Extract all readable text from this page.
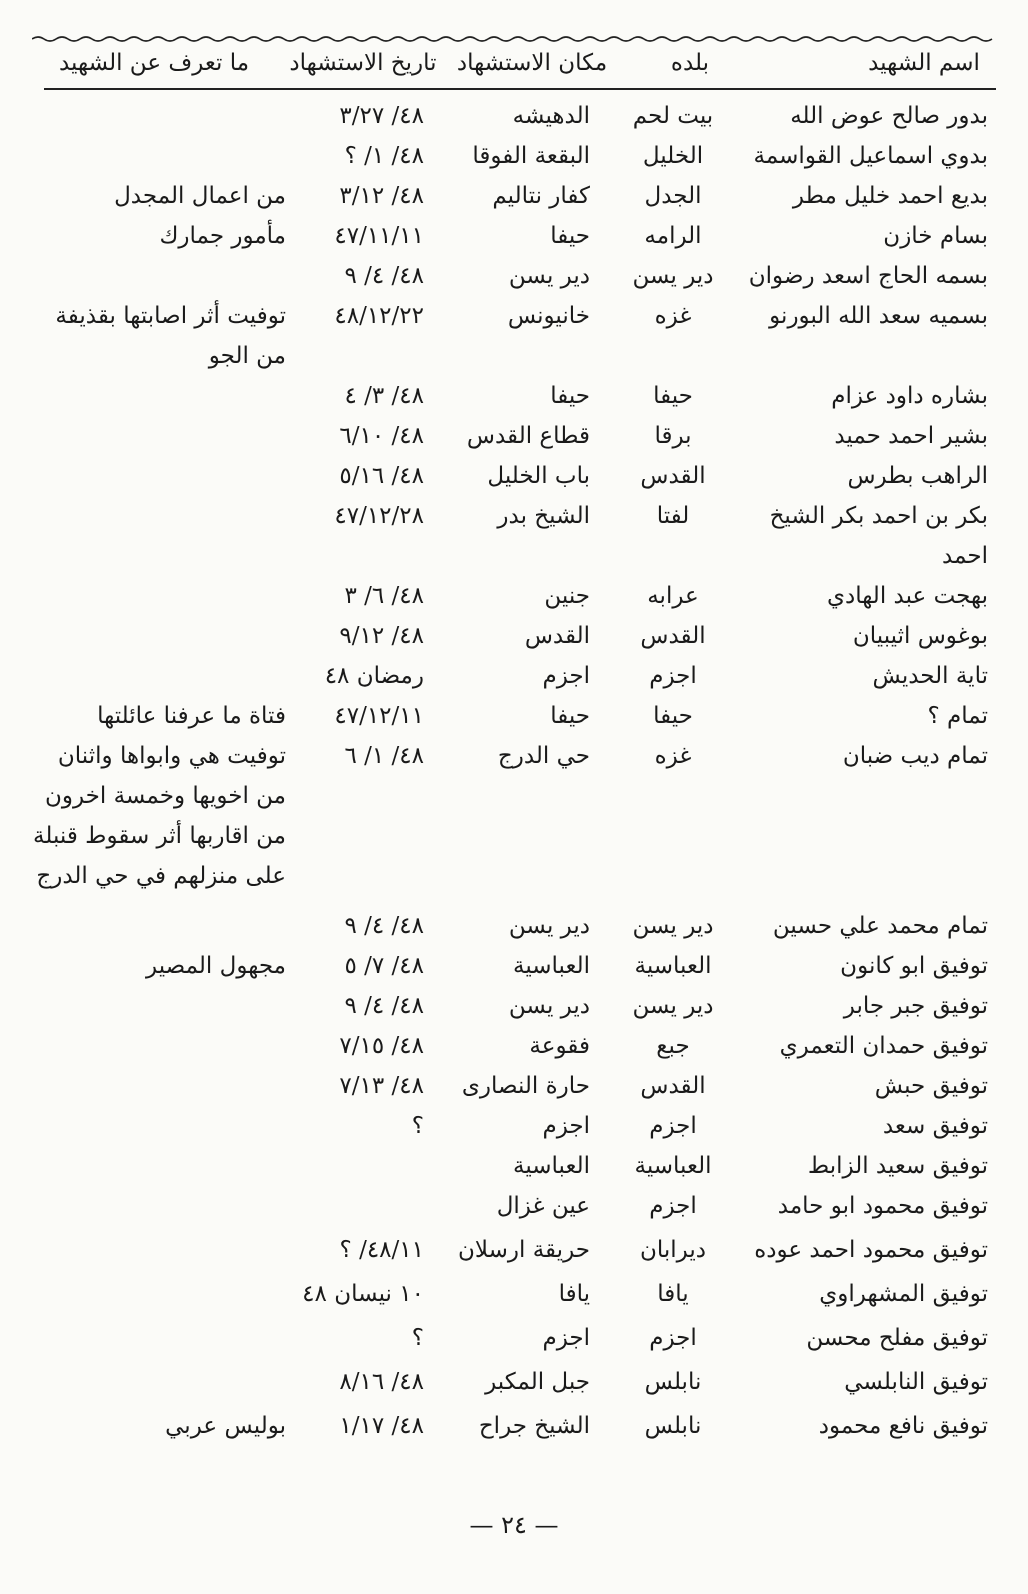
اسم الشهيد
بلده
مكان الاستشهاد
تاريخ الاستشهاد
ما تعرف عن الشهيد
بدور صالح عوض الله
بيت لحم
الدهيشه
٤٨/ ٣/٢٧
بدوي اسماعيل القواسمة
الخليل
البقعة الفوقا
٤٨/ ١/ ؟
بديع احمد خليل مطر
الجدل
كفار نتاليم
٤٨/ ٣/١٢
من اعمال المجدل
بسام خازن
الرامه
حيفا
٤٧/١١/١١
مأمور جمارك
بسمه الحاج اسعد رضوان
دير يسن
دير يسن
٤٨/ ٤/ ٩
بسميه سعد الله البورنو
غزه
خانيونس
٤٨/١٢/٢٢
توفيت أثر اصابتها بقذيفة من الجو
بشاره داود عزام
حيفا
حيفا
٤٨/ ٣/ ٤
بشير احمد حميد
برقا
قطاع القدس
٤٨/ ٦/١٠
الراهب بطرس
القدس
باب الخليل
٤٨/ ٥/١٦
بكر بن احمد بكر الشيخ احمد
لفتا
الشيخ بدر
٤٧/١٢/٢٨
بهجت عبد الهادي
عرابه
جنين
٤٨/ ٦/ ٣
بوغوس اثيبيان
القدس
القدس
٤٨/ ٩/١٢
تاية الحديش
اجزم
اجزم
رمضان ٤٨
تمام ؟
حيفا
حيفا
٤٧/١٢/١١
فتاة ما عرفنا عائلتها
تمام ديب ضبان
غزه
حي الدرج
٤٨/ ١/ ٦
توفيت هي وابواها واثنان من اخويها وخمسة اخرون من اقاربها أثر سقوط قنبلة على منزلهم في حي الدرج
تمام محمد علي حسين
دير يسن
دير يسن
٤٨/ ٤/ ٩
توفيق ابو كانون
العباسية
العباسية
٤٨/ ٧/ ٥
مجهول المصير
توفيق جبر جابر
دير يسن
دير يسن
٤٨/ ٤/ ٩
توفيق حمدان التعمري
جبع
فقوعة
٤٨/ ٧/١٥
توفيق حبش
القدس
حارة النصارى
٤٨/ ٧/١٣
توفيق سعد
اجزم
اجزم
؟
توفيق سعيد الزابط
العباسية
العباسية
توفيق محمود ابو حامد
اجزم
عين غزال
توفيق محمود احمد عوده
ديرابان
حريقة ارسلان
٤٨/١١/ ؟
توفيق المشهراوي
يافا
يافا
١٠ نيسان ٤٨
توفيق مفلح محسن
اجزم
اجزم
؟
توفيق النابلسي
نابلس
جبل المكبر
٤٨/ ٨/١٦
توفيق نافع محمود
نابلس
الشيخ جراح
٤٨/ ١/١٧
بوليس عربي
— ٢٤ —
